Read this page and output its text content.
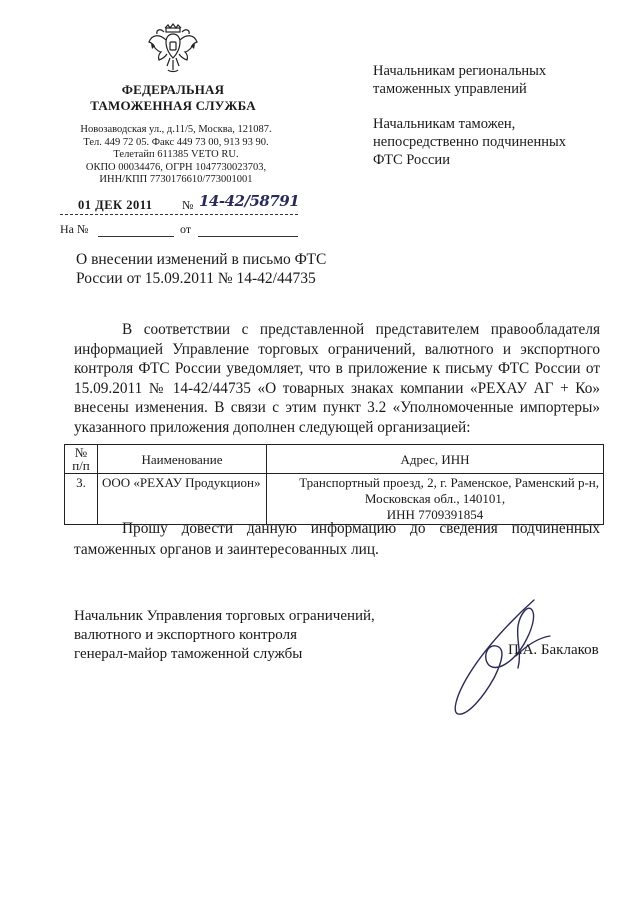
ФЕДЕРАЛЬНАЯ
ТАМОЖЕННАЯ СЛУЖБА
Новозаводская ул., д.11/5, Москва, 121087.
Тел. 449 72 05. Факс 449 73 00, 913 93 90.
Телетайп 611385 VETO RU.
ОКПО 00034476, ОГРН 1047730023703,
ИНН/КПП 7730176610/773001001
01 ДЕК 2011 № 14-42/58791
На №	от
О внесении изменений в письмо ФТС
России от 15.09.2011 № 14-42/44735

Начальникам региональных
таможенных управлений

Начальникам таможен,
непосредственно подчиненных
ФТС России

В соответствии с представленной представителем правообладателя информацией Управление торговых ограничений, валютного и экспортного контроля ФТС России уведомляет, что в приложение к письму ФТС России от 15.09.2011 № 14-42/44735 «О товарных знаках компании «РЕХАУ АГ + Ко» внесены изменения. В связи с этим пункт 3.2 «Уполномоченные импортеры» указанного приложения дополнен следующей организацией:

№
п/п	Наименование	Адрес, ИНН
3.	ООО «РЕХАУ Продукцион»	Транспортный проезд, 2, г. Раменское, Раменский р-н,
Московская обл., 140101,
ИНН 7709391854

Прошу довести данную информацию до сведения подчиненных таможенных органов и заинтересованных лиц.

Начальник Управления торговых ограничений,
валютного и экспортного контроля
генерал-майор таможенной службы	П.А. Баклаков
